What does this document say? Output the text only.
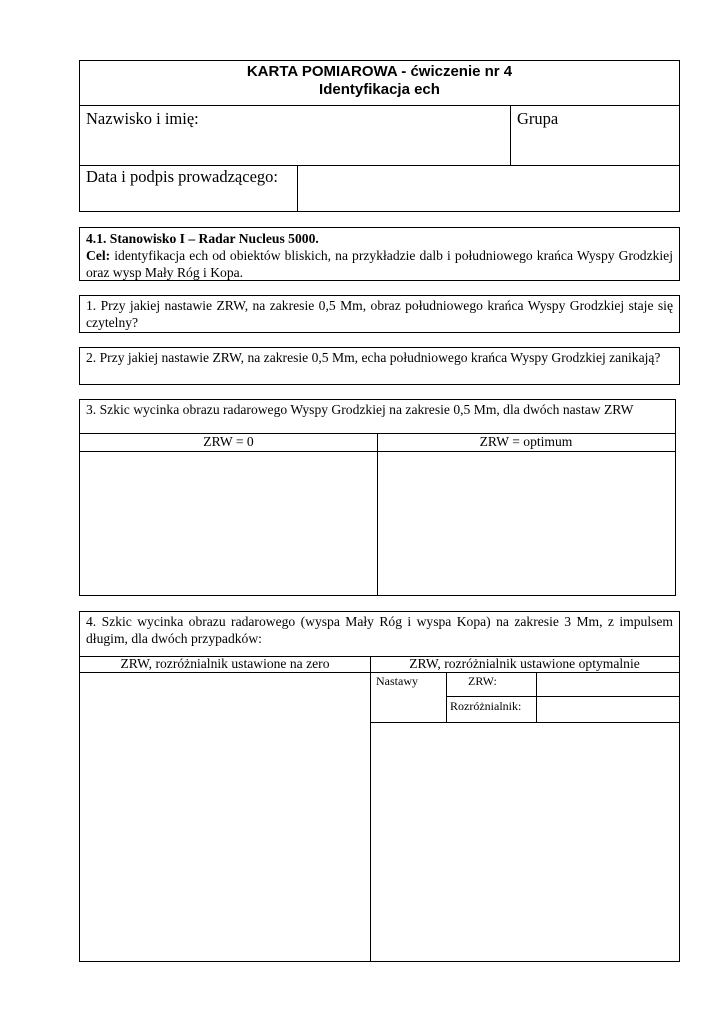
KARTA POMIAROWA - ćwiczenie nr 4
Identyfikacja ech
Nazwisko i imię:	Grupa
Data i podpis prowadzącego:
4.1. Stanowisko I – Radar Nucleus 5000.
Cel: identyfikacja ech od obiektów bliskich, na przykładzie dalb i południowego krańca Wyspy Grodzkiej oraz wysp Mały Róg i Kopa.
1. Przy jakiej nastawie ZRW, na zakresie 0,5 Mm, obraz południowego krańca Wyspy Grodzkiej staje się czytelny?
2. Przy jakiej nastawie ZRW, na zakresie 0,5 Mm, echa południowego krańca Wyspy Grodzkiej zanikają?
3. Szkic wycinka obrazu radarowego Wyspy Grodzkiej na zakresie 0,5 Mm, dla dwóch nastaw ZRW
ZRW = 0	ZRW = optimum
4. Szkic wycinka obrazu radarowego (wyspa Mały Róg i wyspa Kopa) na zakresie 3 Mm, z impulsem długim, dla dwóch przypadków:
ZRW, rozróżnialnik ustawione na zero	ZRW, rozróżnialnik ustawione optymalnie
Nastawy	ZRW:
Rozróżnialnik:
